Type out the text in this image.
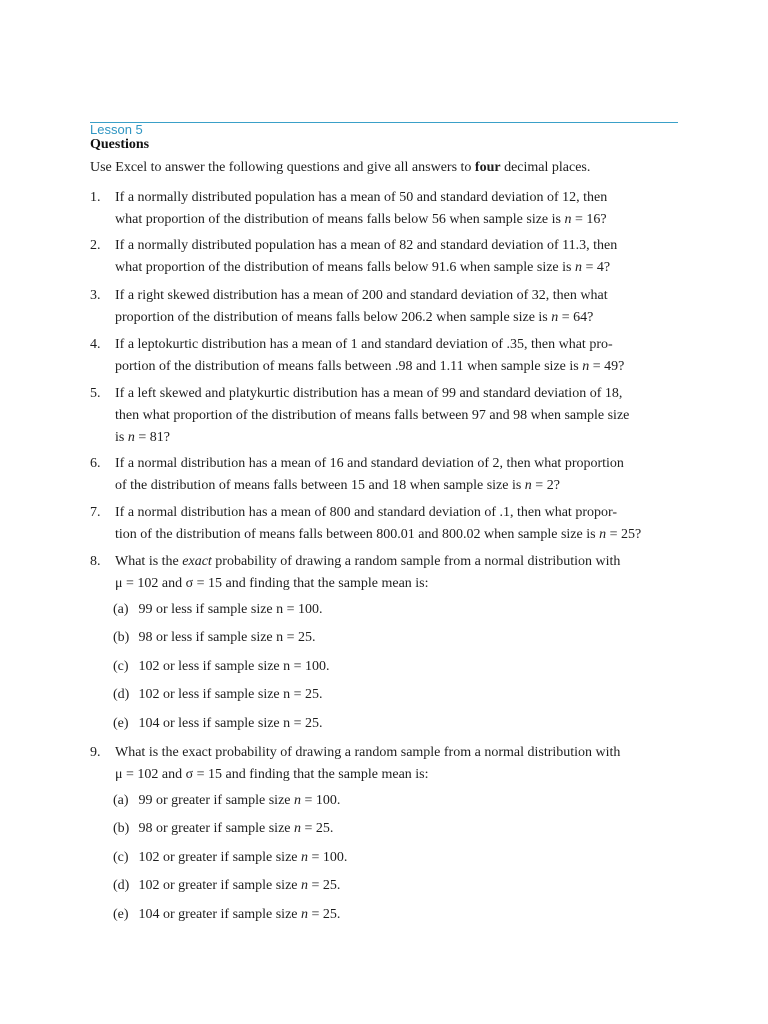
Lesson 5
Questions
Use Excel to answer the following questions and give all answers to four decimal places.
1. If a normally distributed population has a mean of 50 and standard deviation of 12, then
what proportion of the distribution of means falls below 56 when sample size is n = 16?
2. If a normally distributed population has a mean of 82 and standard deviation of 11.3, then
what proportion of the distribution of means falls below 91.6 when sample size is n = 4?
3. If a right skewed distribution has a mean of 200 and standard deviation of 32, then what
proportion of the distribution of means falls below 206.2 when sample size is n = 64?
4. If a leptokurtic distribution has a mean of 1 and standard deviation of .35, then what pro-
portion of the distribution of means falls between .98 and 1.11 when sample size is n = 49?
5. If a left skewed and platykurtic distribution has a mean of 99 and standard deviation of 18,
then what proportion of the distribution of means falls between 97 and 98 when sample size
is n = 81?
6. If a normal distribution has a mean of 16 and standard deviation of 2, then what proportion
of the distribution of means falls between 15 and 18 when sample size is n = 2?
7. If a normal distribution has a mean of 800 and standard deviation of .1, then what propor-
tion of the distribution of means falls between 800.01 and 800.02 when sample size is n = 25?
8. What is the exact probability of drawing a random sample from a normal distribution with
μ = 102 and σ = 15 and finding that the sample mean is:
(a) 99 or less if sample size n = 100.
(b) 98 or less if sample size n = 25.
(c) 102 or less if sample size n = 100.
(d) 102 or less if sample size n = 25.
(e) 104 or less if sample size n = 25.
9. What is the exact probability of drawing a random sample from a normal distribution with
μ = 102 and σ = 15 and finding that the sample mean is:
(a) 99 or greater if sample size n = 100.
(b) 98 or greater if sample size n = 25.
(c) 102 or greater if sample size n = 100.
(d) 102 or greater if sample size n = 25.
(e) 104 or greater if sample size n = 25.
